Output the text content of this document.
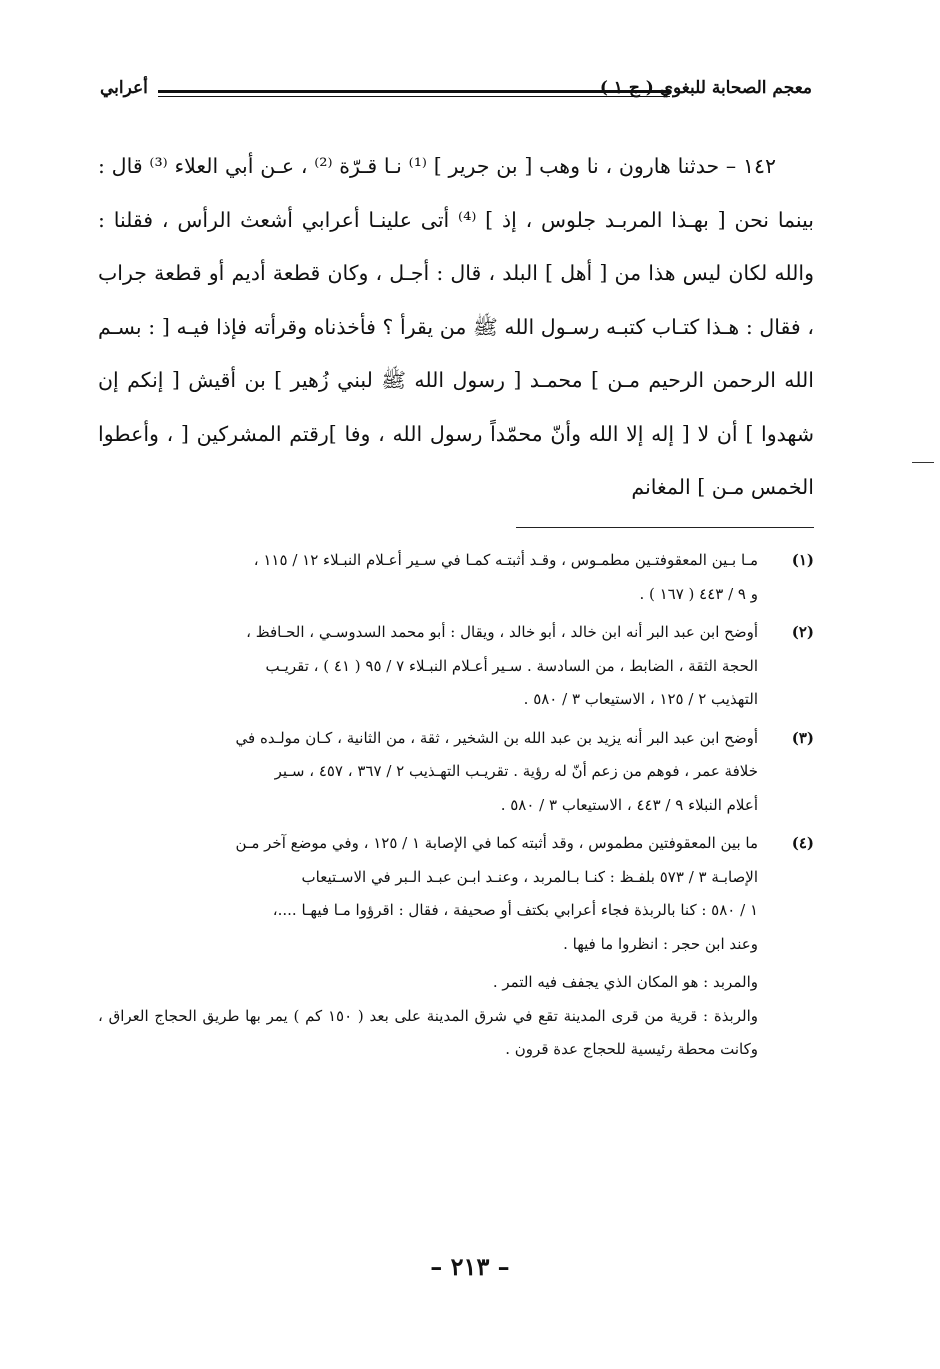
معجم الصحابة للبغوي ( ج ١ )
أعرابي

١٤٢ – حدثنا هارون ، نا وهب [ بن جرير ] ⁽¹⁾ نـا قـرّة ⁽²⁾ ، عـن أبي العلاء ⁽³⁾ قال : بينما نحن [ بهـذا المربـد جلوس ، إذ ] ⁽⁴⁾ أتى علينـا أعرابي أشعث الرأس ، فقلنا : والله لكان ليس هذا من [ أهل ] البلد ، قال : أجـل ، وكان قطعة أديم أو قطعة جراب ، فقال : هـذا كتـاب كتبـه رسـول الله ﷺ من يقرأ ؟ فأخذناه وقرأته فإذا فيـه [ : بسـم الله الرحمن الرحيم مـن ] محمـد [ رسول الله ﷺ لبني زُهير ] بن أقيش [ إنكم إن شهدوا ] أن لا [ إله إلا الله وأنّ محمّداً رسول الله ، وفا ]رقتم المشركين [ ، وأعطوا الخمس مـن ] المغانم

(١)
مـا بـين المعقوفتـين مطمـوس ، وقـد أثبتـه كمـا في سـير أعـلام النبـلاء ١٢ / ١١٥ ،
و ٩ / ٤٤٣ ( ١٦٧ ) .
(٢)
أوضح ابن عبد البر أنه ابن خالد ، أبو خالد ، ويقال : أبو محمد السدوسـي ، الحـافظ ،
الحجة الثقة ، الضابط ، من السادسة . سـير أعـلام النبـلاء ٧ / ٩٥ ( ٤١ ) ، تقريـب
التهذيب ٢ / ١٢٥ ، الاستيعاب ٣ / ٥٨٠ .
(٣)
أوضح ابن عبد البر أنه يزيد بن عبد الله بن الشخير ، ثقة ، من الثانية ، كـان مولـده في
خلافة عمر ، فوهم من زعم أنّ له رؤية . تقريـب التهـذيب ٢ / ٣٦٧ ، ٤٥٧ ، سـير
أعلام النبلاء ٩ / ٤٤٣ ، الاستيعاب ٣ / ٥٨٠ .
(٤)
ما بين المعقوفتين مطموس ، وقد أثبته كما في الإصابة ١ / ١٢٥ ، وفي موضع آخر مـن
الإصابـة ٣ / ٥٧٣ بلفـظ : كنـا بـالمربد ، وعنـد ابـن عبـد الـبر في الاسـتيعاب
١ / ٥٨٠ : كنا بالربذة فجاء أعرابي بكتف أو صحيفة ، فقال : اقرؤوا مـا فيهـا ....،
وعند ابن حجر : انظروا ما فيها .
والمربد : هو المكان الذي يجفف فيه التمر .
والربذة : قرية من قرى المدينة تقع في شرق المدينة على بعد ( ١٥٠ كم ) يمر بها طريق الحجاج العراق ، وكانت محطة رئيسية للحجاج عدة قرون .
– ٢١٣ –
